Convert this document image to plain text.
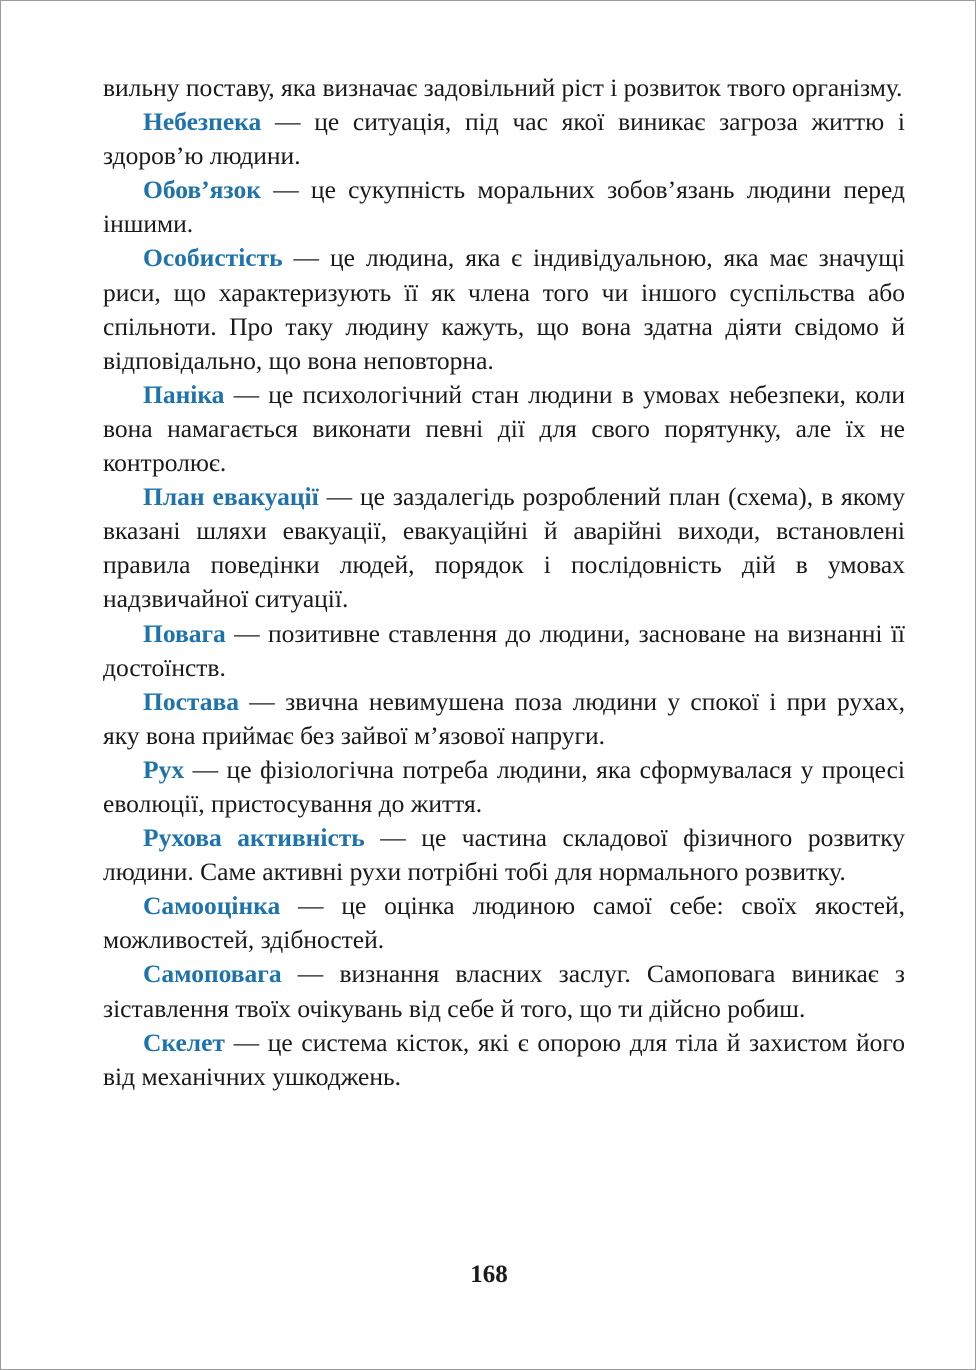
вильну поставу, яка визначає задовільний ріст і розвиток твого організму.

Небезпека — це ситуація, під час якої виникає загроза життю і здоров’ю людини.

Обов’язок — це сукупність моральних зобов’язань людини перед іншими.

Особистість — це людина, яка є індивідуальною, яка має значущі риси, що характеризують її як члена того чи іншого суспільства або спільноти. Про таку людину кажуть, що вона здатна діяти свідомо й відповідально, що вона неповторна.

Паніка — це психологічний стан людини в умовах небезпеки, коли вона намагається виконати певні дії для свого порятунку, але їх не контролює.

План евакуації — це заздалегідь розроблений план (схема), в якому вказані шляхи евакуації, евакуаційні й аварійні виходи, встановлені правила поведінки людей, порядок і послідовність дій в умовах надзвичайної ситуації.

Повага — позитивне ставлення до людини, засноване на визнанні її достоїнств.

Постава — звична невимушена поза людини у спокої і при рухах, яку вона приймає без зайвої м’язової напруги.

Рух — це фізіологічна потреба людини, яка сформувалася у процесі еволюції, пристосування до життя.

Рухова активність — це частина складової фізичного розвитку людини. Саме активні рухи потрібні тобі для нормального розвитку.

Самооцінка — це оцінка людиною самої себе: своїх якостей, можливостей, здібностей.

Самоповага — визнання власних заслуг. Самоповага виникає з зіставлення твоїх очікувань від себе й того, що ти дійсно робиш.

Скелет — це система кісток, які є опорою для тіла й захистом його від механічних ушкоджень.

168
